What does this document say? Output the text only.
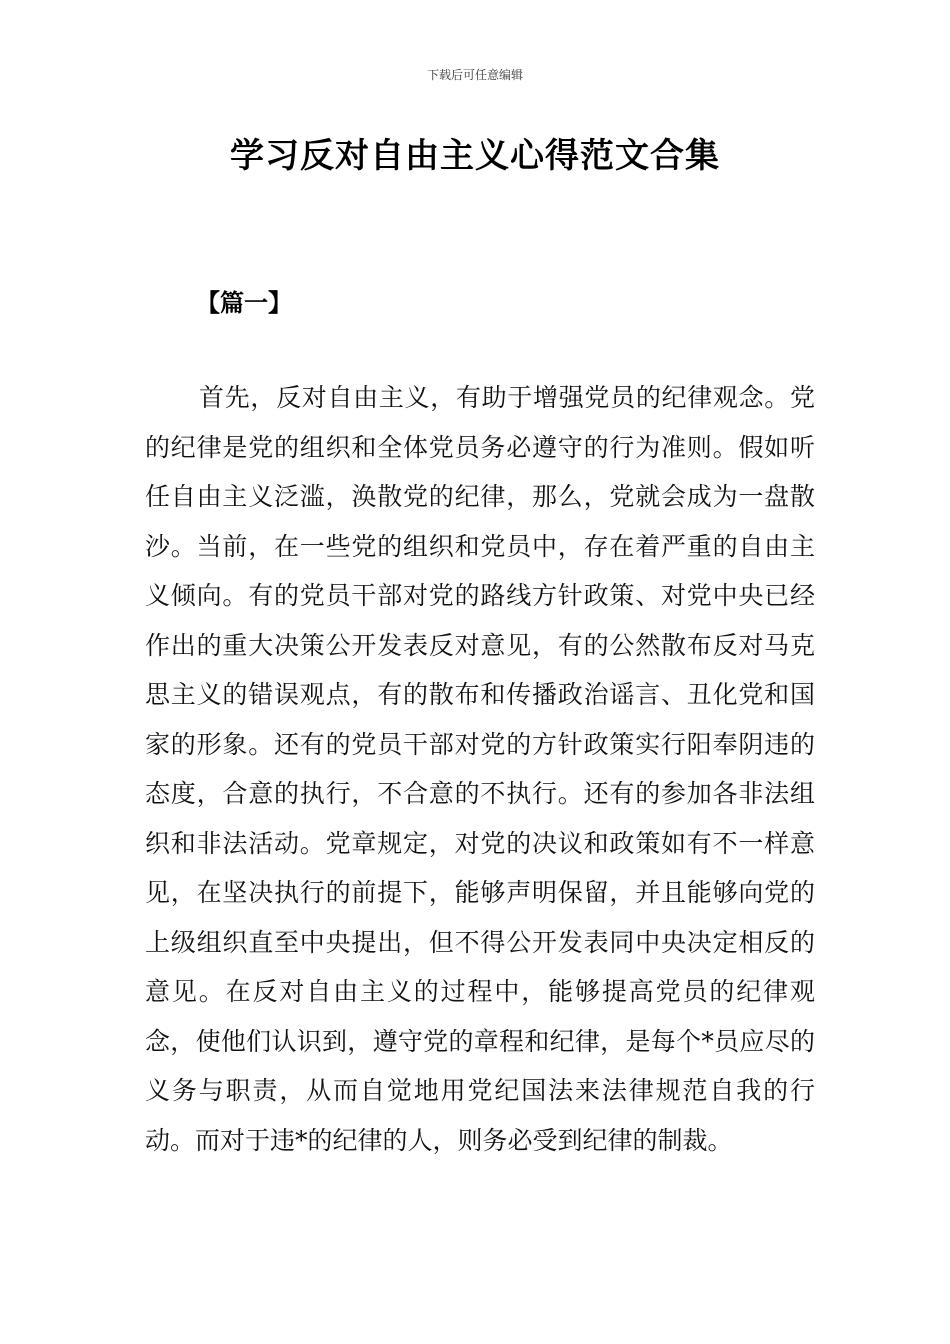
下载后可任意编辑
学习反对自由主义心得范文合集
【篇一】

首先，反对自由主义，有助于增强党员的纪律观念。党的纪律是党的组织和全体党员务必遵守的行为准则。假如听任自由主义泛滥，涣散党的纪律，那么，党就会成为一盘散沙。当前，在一些党的组织和党员中，存在着严重的自由主义倾向。有的党员干部对党的路线方针政策、对党中央已经作出的重大决策公开发表反对意见，有的公然散布反对马克思主义的错误观点，有的散布和传播政治谣言、丑化党和国家的形象。还有的党员干部对党的方针政策实行阳奉阴违的态度，合意的执行，不合意的不执行。还有的参加各非法组织和非法活动。党章规定，对党的决议和政策如有不一样意见，在坚决执行的前提下，能够声明保留，并且能够向党的上级组织直至中央提出，但不得公开发表同中央决定相反的意见。在反对自由主义的过程中，能够提高党员的纪律观念，使他们认识到，遵守党的章程和纪律，是每个*员应尽的义务与职责，从而自觉地用党纪国法来法律规范自我的行动。而对于违*的纪律的人，则务必受到纪律的制裁。
